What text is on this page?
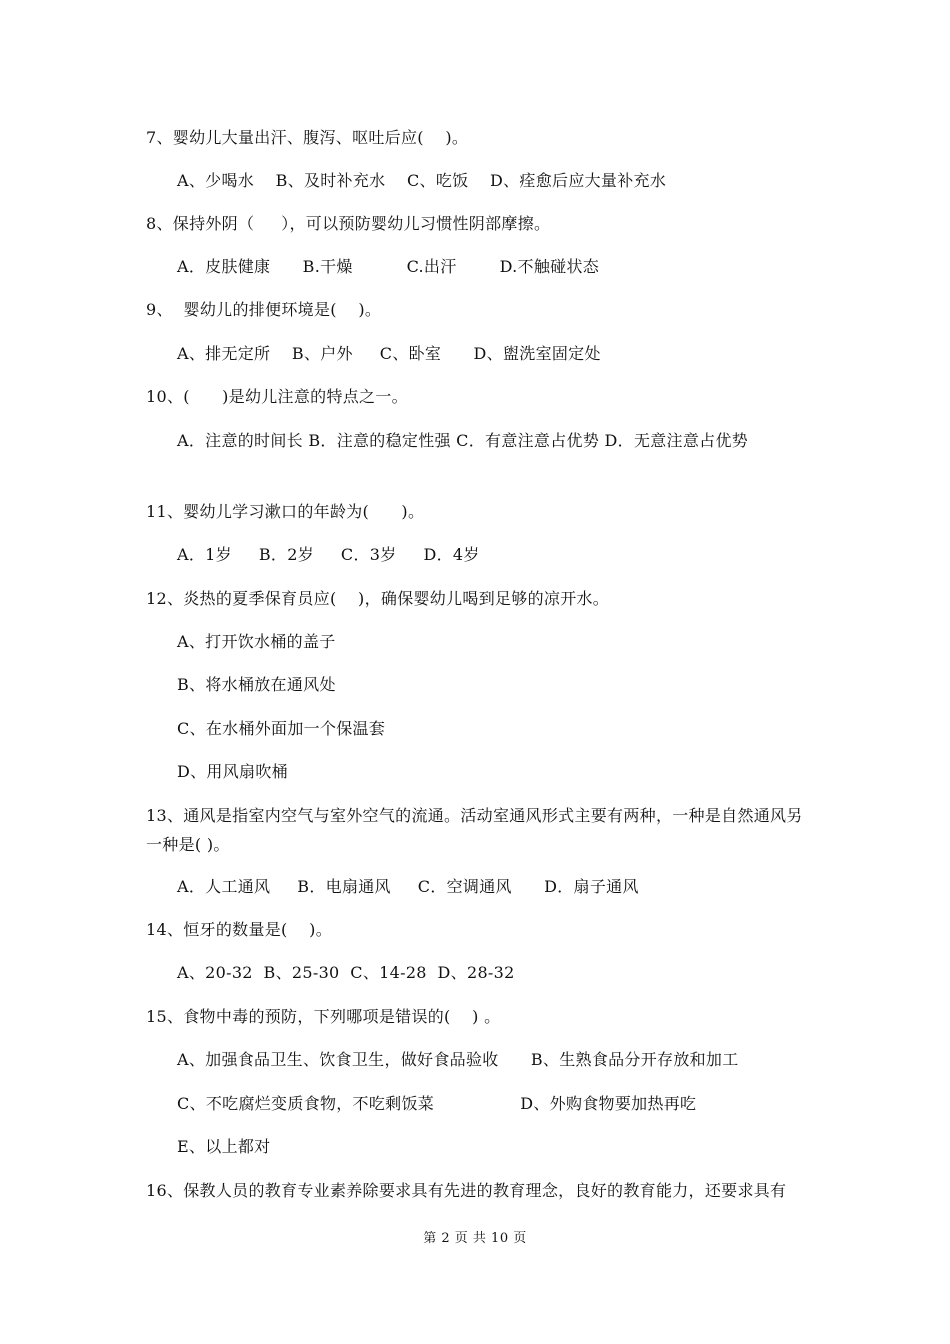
7、婴幼儿大量出汗、腹泻、呕吐后应(    )。
A、少喝水    B、及时补充水    C、吃饭    D、痊愈后应大量补充水
8、保持外阴（     ），可以预防婴幼儿习惯性阴部摩擦。
A．皮肤健康      B.干燥          C.出汗        D.不触碰状态
9、  婴幼儿的排便环境是(    )。
A、排无定所    B、户外     C、卧室      D、盥洗室固定处
10、(      )是幼儿注意的特点之一。
A．注意的时间长 B．注意的稳定性强 C．有意注意占优势 D．无意注意占优势
11、婴幼儿学习漱口的年龄为(      )。
A．1岁     B．2岁     C．3岁     D．4岁
12、炎热的夏季保育员应(    )，确保婴幼儿喝到足够的凉开水。
A、打开饮水桶的盖子
B、将水桶放在通风处
C、在水桶外面加一个保温套
D、用风扇吹桶
13、通风是指室内空气与室外空气的流通。活动室通风形式主要有两种，一种是自然通风另一种是( )。
A．人工通风     B．电扇通风     C．空调通风      D．扇子通风
14、恒牙的数量是(    )。
A、20-32  B、25-30  C、14-28  D、28-32
15、食物中毒的预防，下列哪项是错误的(    ) 。
A、加强食品卫生、饮食卫生，做好食品验收      B、生熟食品分开存放和加工
C、不吃腐烂变质食物，不吃剩饭菜                D、外购食物要加热再吃
E、以上都对
16、保教人员的教育专业素养除要求具有先进的教育理念，良好的教育能力，还要求具有
第 2 页 共 10 页
